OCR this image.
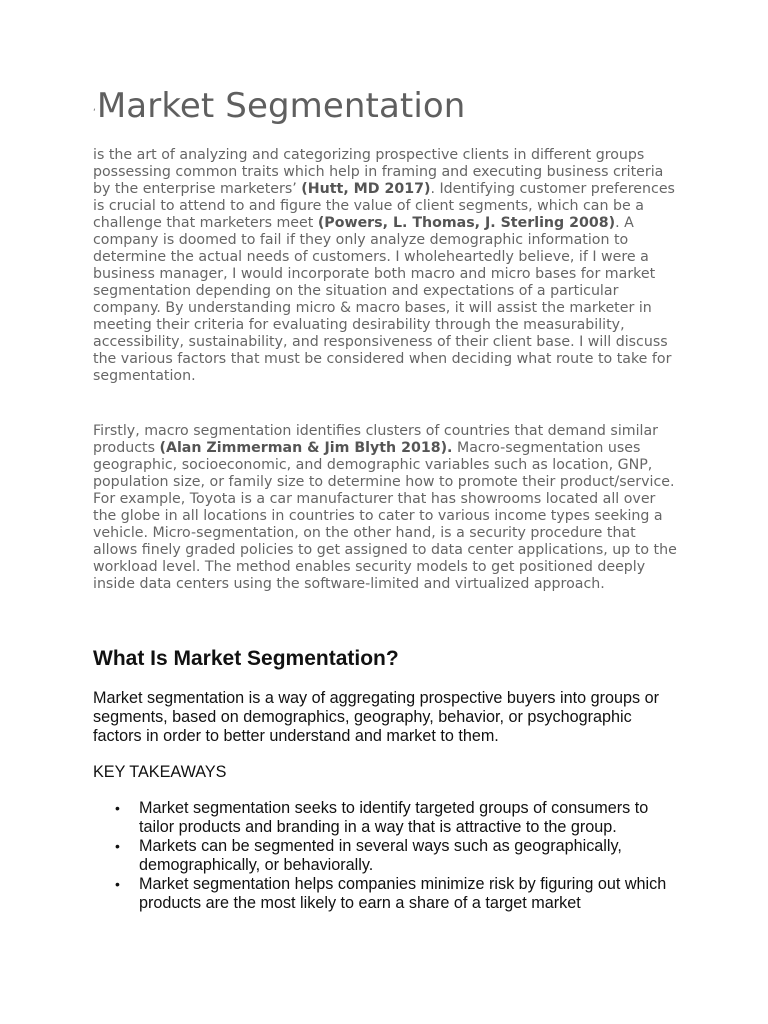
‘Market Segmentation

is the art of analyzing and categorizing prospective clients in different groups possessing common traits which help in framing and executing business criteria by the enterprise marketers’ (Hutt, MD 2017). Identifying customer preferences is crucial to attend to and figure the value of client segments, which can be a challenge that marketers meet (Powers, L. Thomas, J. Sterling 2008). A company is doomed to fail if they only analyze demographic information to determine the actual needs of customers. I wholeheartedly believe, if I were a business manager, I would incorporate both macro and micro bases for market segmentation depending on the situation and expectations of a particular company. By understanding micro & macro bases, it will assist the marketer in meeting their criteria for evaluating desirability through the measurability, accessibility, sustainability, and responsiveness of their client base. I will discuss the various factors that must be considered when deciding what route to take for segmentation.

Firstly, macro segmentation identifies clusters of countries that demand similar products (Alan Zimmerman & Jim Blyth 2018). Macro-segmentation uses geographic, socioeconomic, and demographic variables such as location, GNP, population size, or family size to determine how to promote their product/service. For example, Toyota is a car manufacturer that has showrooms located all over the globe in all locations in countries to cater to various income types seeking a vehicle. Micro-segmentation, on the other hand, is a security procedure that allows finely graded policies to get assigned to data center applications, up to the workload level. The method enables security models to get positioned deeply inside data centers using the software-limited and virtualized approach.

What Is Market Segmentation?

Market segmentation is a way of aggregating prospective buyers into groups or segments, based on demographics, geography, behavior, or psychographic factors in order to better understand and market to them.

KEY TAKEAWAYS

• Market segmentation seeks to identify targeted groups of consumers to tailor products and branding in a way that is attractive to the group.
• Markets can be segmented in several ways such as geographically, demographically, or behaviorally.
• Market segmentation helps companies minimize risk by figuring out which products are the most likely to earn a share of a target market
